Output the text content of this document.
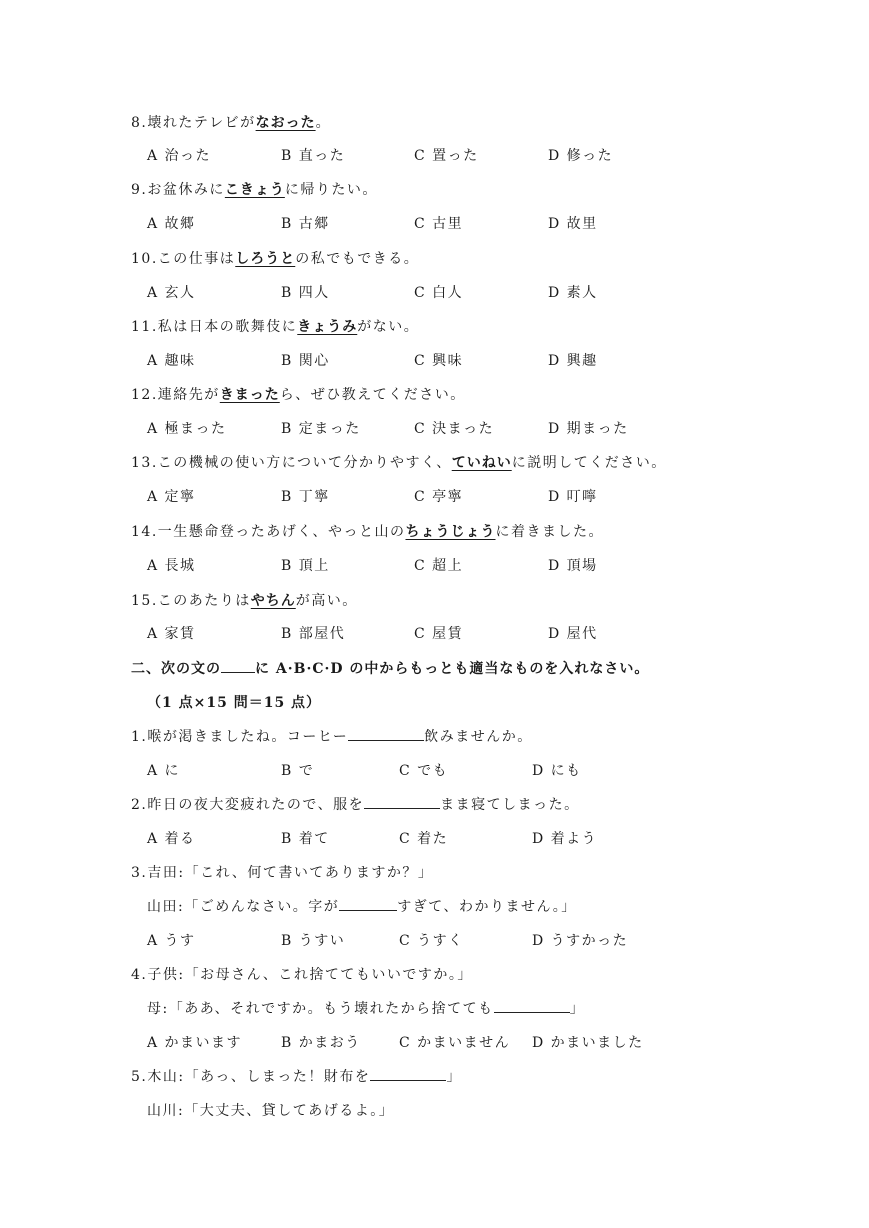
8.壊れたテレビがなおった。
A 治った	B 直った	C 置った	D 修った
9.お盆休みにこきょうに帰りたい。
A 故郷	B 古郷	C 古里	D 故里
10.この仕事はしろうとの私でもできる。
A 玄人	B 四人	C 白人	D 素人
11.私は日本の歌舞伎にきょうみがない。
A 趣味	B 関心	C 興味	D 興趣
12.連絡先がきまったら、ぜひ教えてください。
A 極まった	B 定まった	C 決まった	D 期まった
13.この機械の使い方について分かりやすく、ていねいに説明してください。
A 定寧	B 丁寧	C 亭寧	D 叮嚀
14.一生懸命登ったあげく、やっと山のちょうじょうに着きました。
A 長城	B 頂上	C 超上	D 頂場
15.このあたりはやちんが高い。
A 家賃	B 部屋代	C 屋賃	D 屋代
二、次の文の に A·B·C·D の中からもっとも適当なものを入れなさい。
（1 点×15 問＝15 点）
1.喉が渇きましたね。コーヒー	飲みませんか。
A に	B で	C でも	D にも
2.昨日の夜大変疲れたので、服を	まま寝てしまった。
A 着る	B 着て	C 着た	D 着よう
3.吉田:「これ、何て書いてありますか？」
山田:「ごめんなさい。字が	すぎて、わかりません。」
A うす	B うすい	C うすく	D うすかった
4.子供:「お母さん、これ捨ててもいいですか。」
母:「ああ、それですか。もう壊れたから捨てても	」
A かまいます	B かまおう	C かまいません D かまいました
5.木山:「あっ、しまった！財布を	」
山川:「大丈夫、貸してあげるよ。」
